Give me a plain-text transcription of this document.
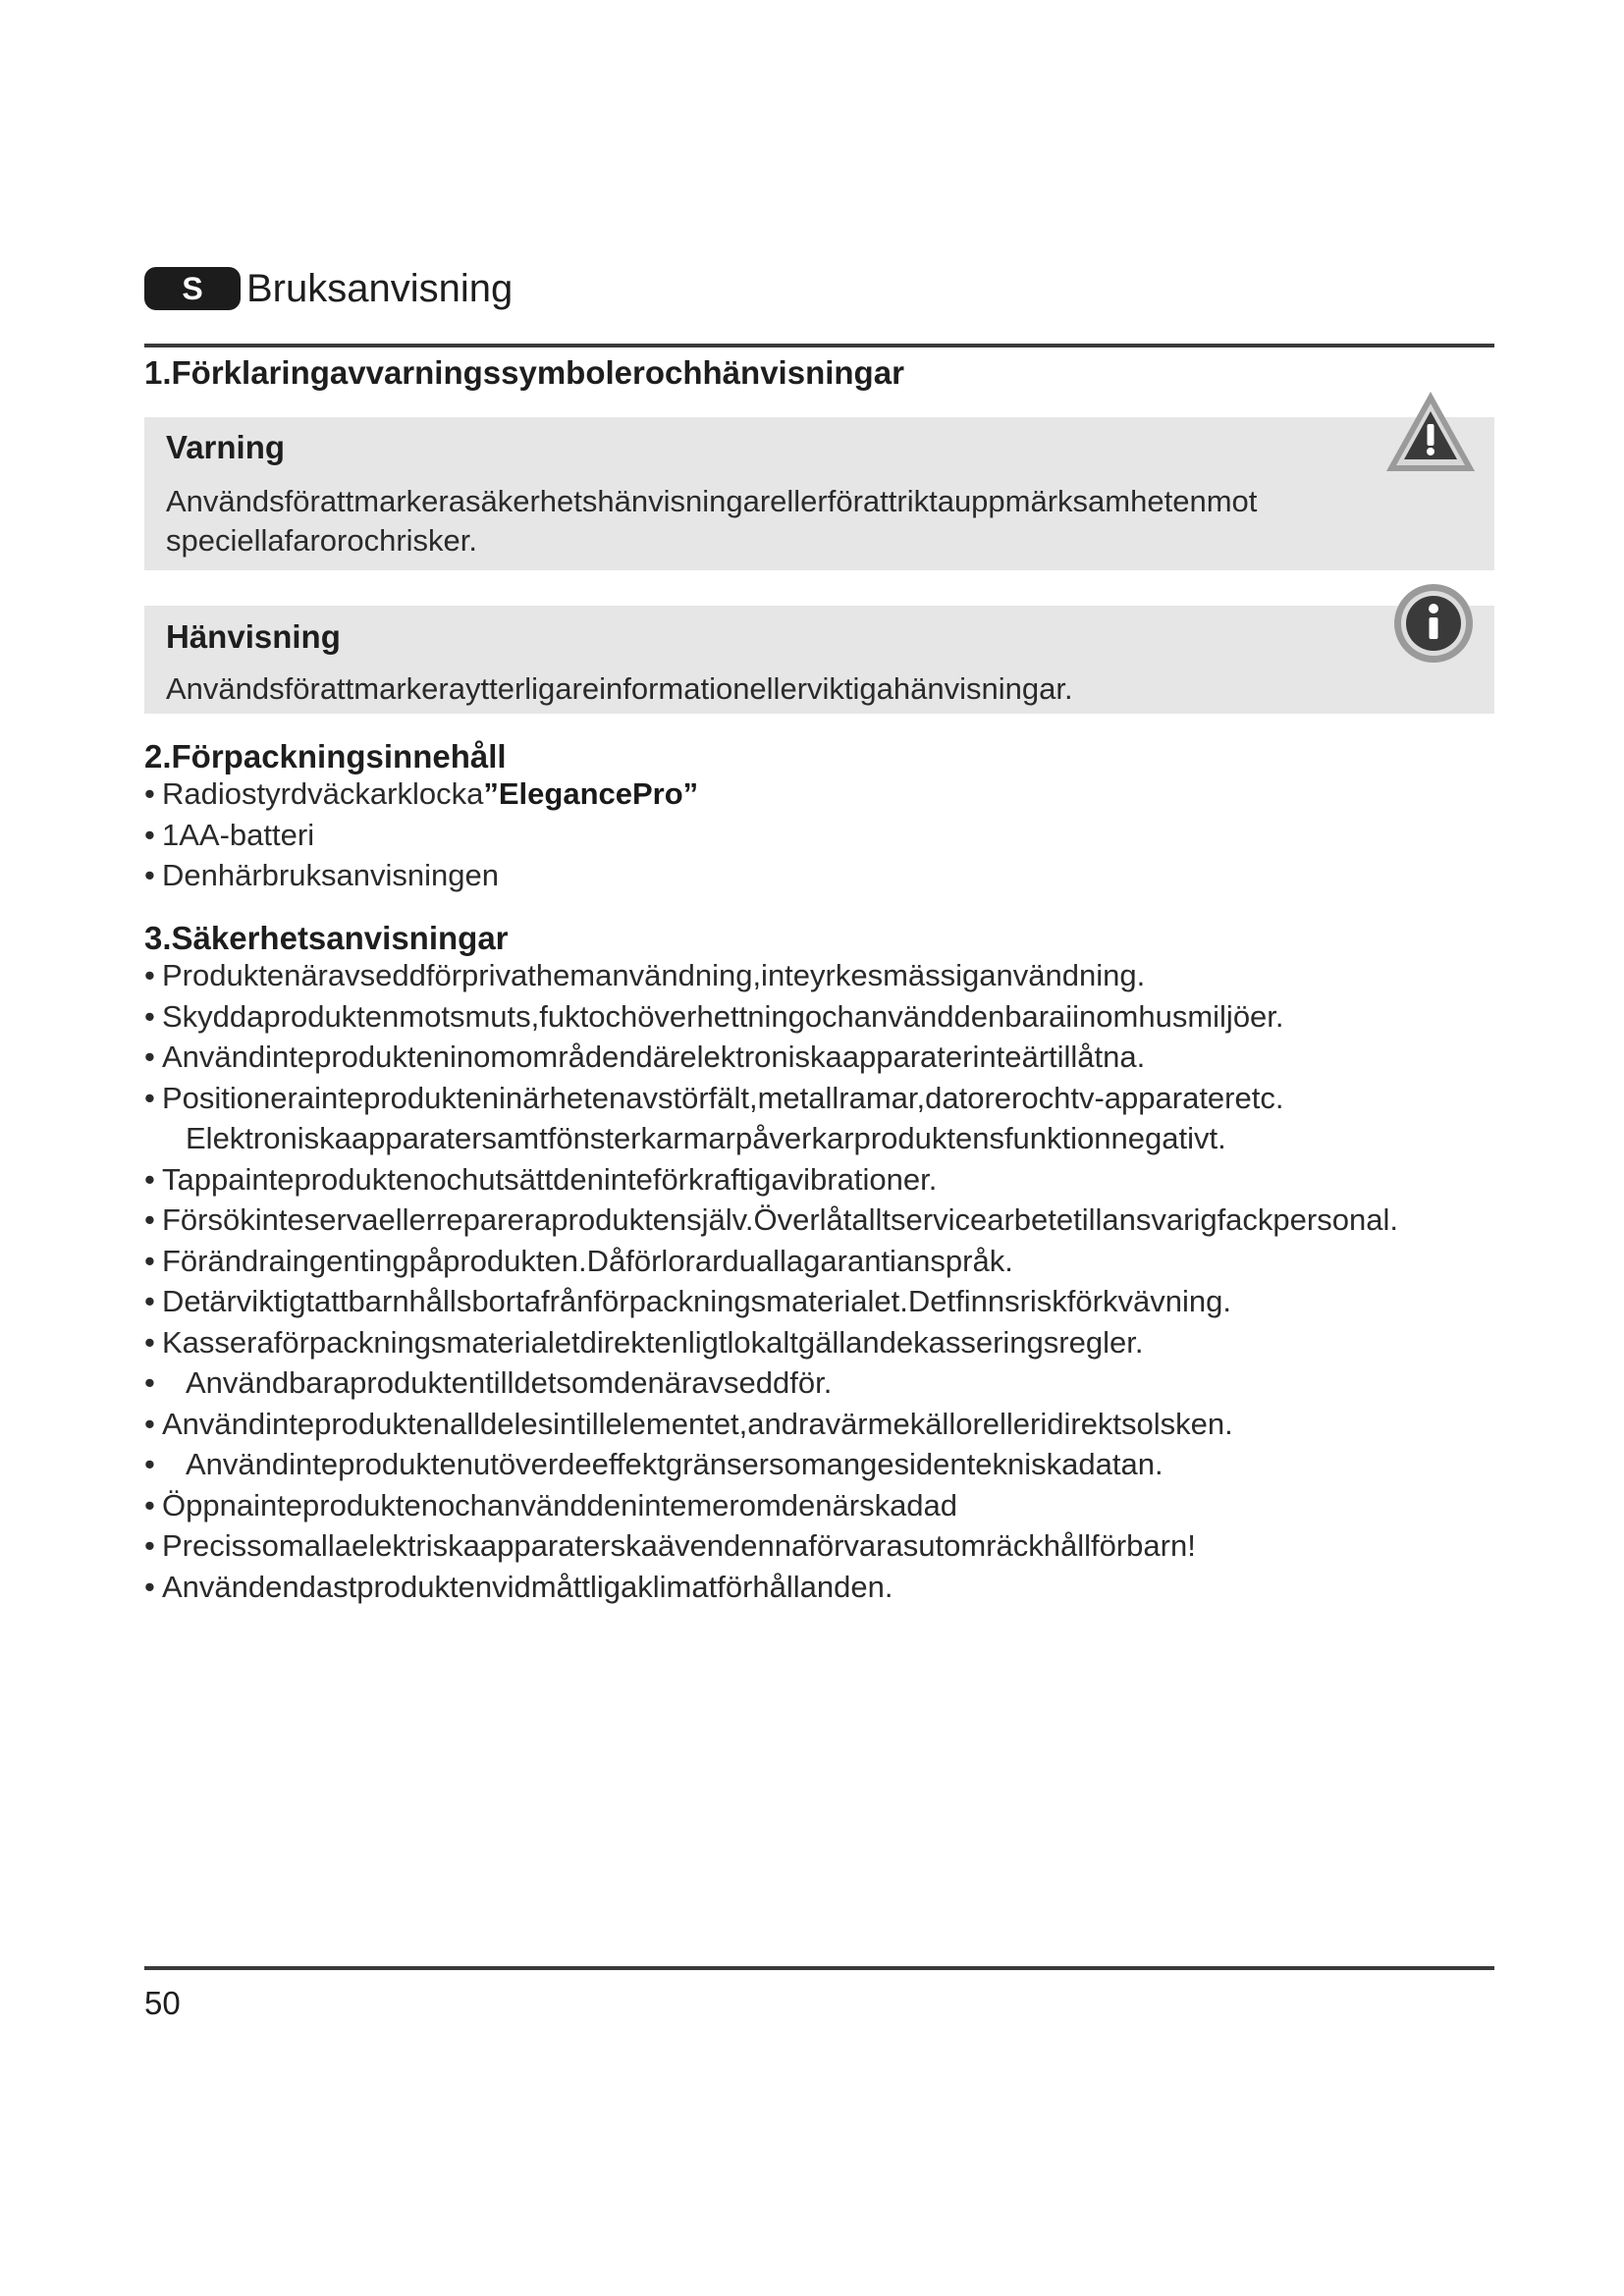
S	Bruksanvisning
1.Förklaringavvarningssymbolerochhänvisningar
Varning
Användsförattmarkerasäkerhetshänvisningarellerförattriktauppmärksamhetenmot
speciellafarorochrisker.
Hänvisning
Användsförattmarkeraytterligareinformationellerviktigahänvisningar.
2.Förpackningsinnehåll
• Radiostyrdväckarklocka”ElegancePro”
• 1AA-batteri
• Denhärbruksanvisningen
3.Säkerhetsanvisningar
• Produktenäravseddförprivathemanvändning,inteyrkesmässiganvändning.
• Skyddaproduktenmotsmuts,fuktochöverhettningochanvänddenbaraiinomhusmiljöer.
• Användinteprodukteninomområdendärelektroniskaapparaterinteärtillåtna.
• Positionerainteprodukteninärhetenavstörfält,metallramar,datorerochtv-apparateretc.
Elektroniskaapparatersamtfönsterkarmarpåverkarproduktensfunktionnegativt.
• Tappainteproduktenochutsättdeninteförkraftigavibrationer.
• Försökinteservaellerrepareraproduktensjälv.Överlåtalltservicearbetetillansvarigfackpersonal.
• Förändraingentingpåprodukten.Dåförlorarduallagarantianspråk.
• Detärviktigtattbarnhållsbortafrånförpackningsmaterialet.Detfinnsriskförkvävning.
• Kasseraförpackningsmaterialetdirektenligtlokaltgällandekasseringsregler.
• Användbaraproduktentilldetsomdenäravseddför.
• Användinteproduktenalldelesintillelementet,andravärmekällorelleridirektsolsken.
• Användinteproduktenutöverdeeffektgränsersomangesidentekniskadatan.
• Öppnainteproduktenochanvänddenintemeromdenärskadad
• Precissomallaelektriskaapparaterskaävendennaförvarasutomräckhållförbarn!
• Användendastproduktenvidmåttligaklimatförhållanden.
50
